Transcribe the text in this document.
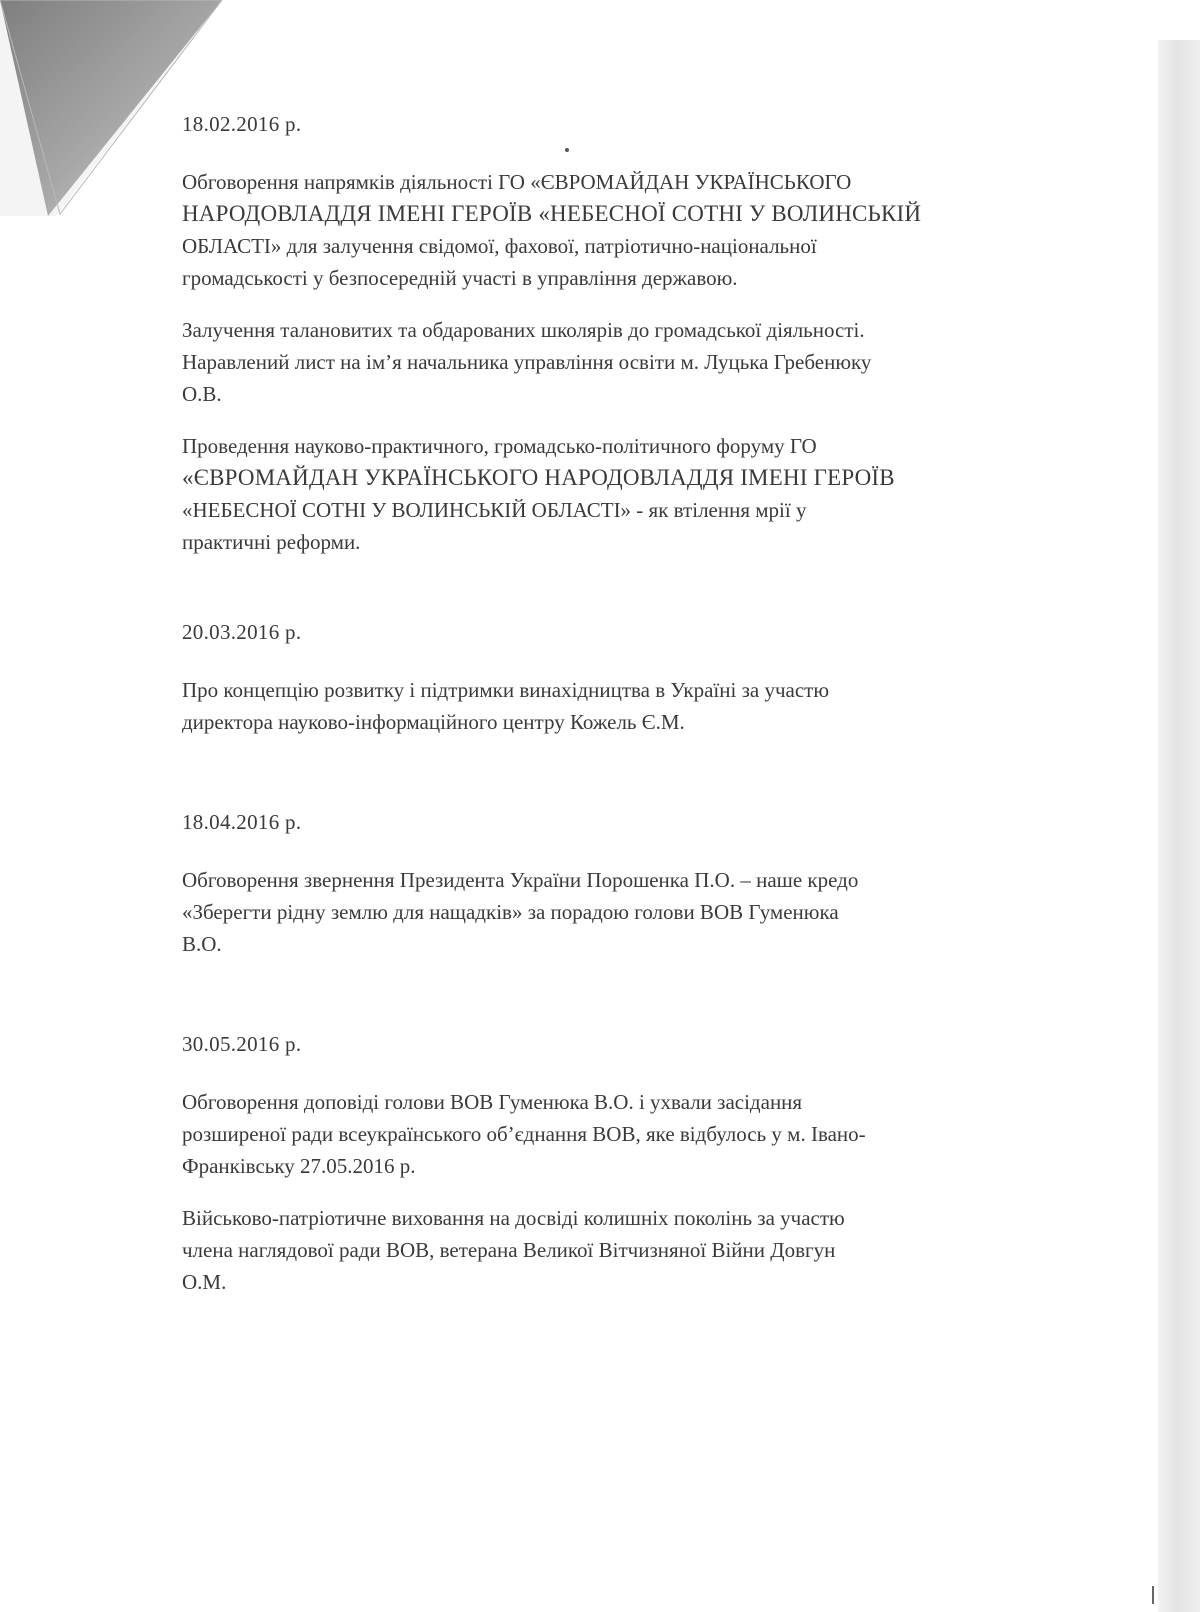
18.02.2016 р.

Обговорення напрямків діяльності ГО «ЄВРОМАЙДАН УКРАЇНСЬКОГО
НАРОДОВЛАДДЯ ІМЕНІ ГЕРОЇВ «НЕБЕСНОЇ СОТНІ У ВОЛИНСЬКІЙ
ОБЛАСТІ» для залучення свідомої, фахової, патріотично-національної
громадськості у безпосередній участі в управління державою.
Залучення талановитих та обдарованих школярів до громадської діяльності.
Наравлений лист на ім’я начальника управління освіти м. Луцька Гребенюку
О.В.
Проведення науково-практичного, громадсько-політичного форуму ГО
«ЄВРОМАЙДАН УКРАЇНСЬКОГО НАРОДОВЛАДДЯ ІМЕНІ ГЕРОЇВ
«НЕБЕСНОЇ СОТНІ У ВОЛИНСЬКІЙ ОБЛАСТІ» - як втілення мрії у
практичні реформи.

20.03.2016 р.

Про концепцію розвитку і підтримки винахідництва в Україні за участю
директора науково-інформаційного центру Кожель Є.М.

18.04.2016 р.

Обговорення звернення Президента України Порошенка П.О. – наше кредо
«Зберегти рідну землю для нащадків» за порадою голови ВОВ Гуменюка
В.О.

30.05.2016 р.

Обговорення доповіді голови ВОВ Гуменюка В.О. і ухвали засідання
розширеної ради всеукраїнського об’єднання ВОВ, яке відбулось у м. Івано-
Франківську 27.05.2016 р.
Військово-патріотичне виховання на досвіді колишніх поколінь за участю
члена наглядової ради ВОВ, ветерана Великої Вітчизняної Війни Довгун
О.М.
